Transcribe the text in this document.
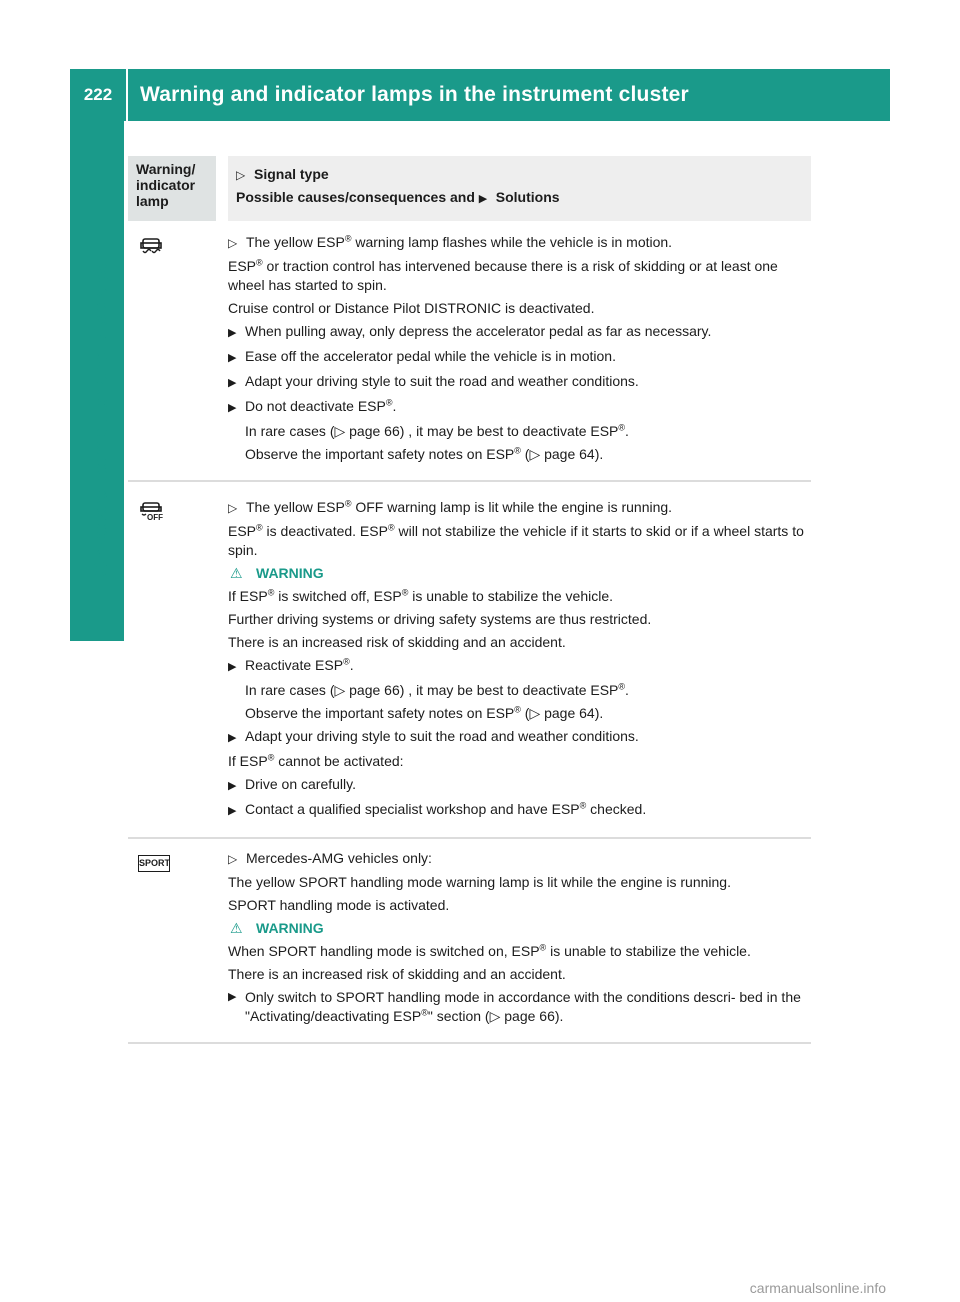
222	Warning and indicator lamps in the instrument cluster
On-board computer and displays
Warning/
indicator
lamp
▷ Signal type
Possible causes/consequences and ▶ Solutions

▷ The yellow ESP® warning lamp flashes while the vehicle is in motion.

ESP® or traction control has intervened because there is a risk of skidding or at least one wheel has started to spin.

Cruise control or Distance Pilot DISTRONIC is deactivated.

▶ When pulling away, only depress the accelerator pedal as far as necessary.

▶ Ease off the accelerator pedal while the vehicle is in motion.

▶ Adapt your driving style to suit the road and weather conditions.

▶ Do not deactivate ESP®.

In rare cases (▷ page 66) , it may be best to deactivate ESP®.

Observe the important safety notes on ESP® (▷ page 64).

OFF

▷ The yellow ESP® OFF warning lamp is lit while the engine is running.

ESP® is deactivated. ESP® will not stabilize the vehicle if it starts to skid or if a wheel starts to spin.

⚠ WARNING

If ESP® is switched off, ESP® is unable to stabilize the vehicle.

Further driving systems or driving safety systems are thus restricted.

There is an increased risk of skidding and an accident.

▶ Reactivate ESP®.

In rare cases (▷ page 66) , it may be best to deactivate ESP®.

Observe the important safety notes on ESP® (▷ page 64).

▶ Adapt your driving style to suit the road and weather conditions.

If ESP® cannot be activated:

▶ Drive on carefully.

▶ Contact a qualified specialist workshop and have ESP® checked.

SPORT	▷ Mercedes-AMG vehicles only:

The yellow SPORT handling mode warning lamp is lit while the engine is running.

SPORT handling mode is activated.

⚠ WARNING

When SPORT handling mode is switched on, ESP® is unable to stabilize the vehicle.

There is an increased risk of skidding and an accident.

▶ Only switch to SPORT handling mode in accordance with the conditions descri- bed in the "Activating/deactivating ESP®" section (▷ page 66).

carmanualsonline.info
